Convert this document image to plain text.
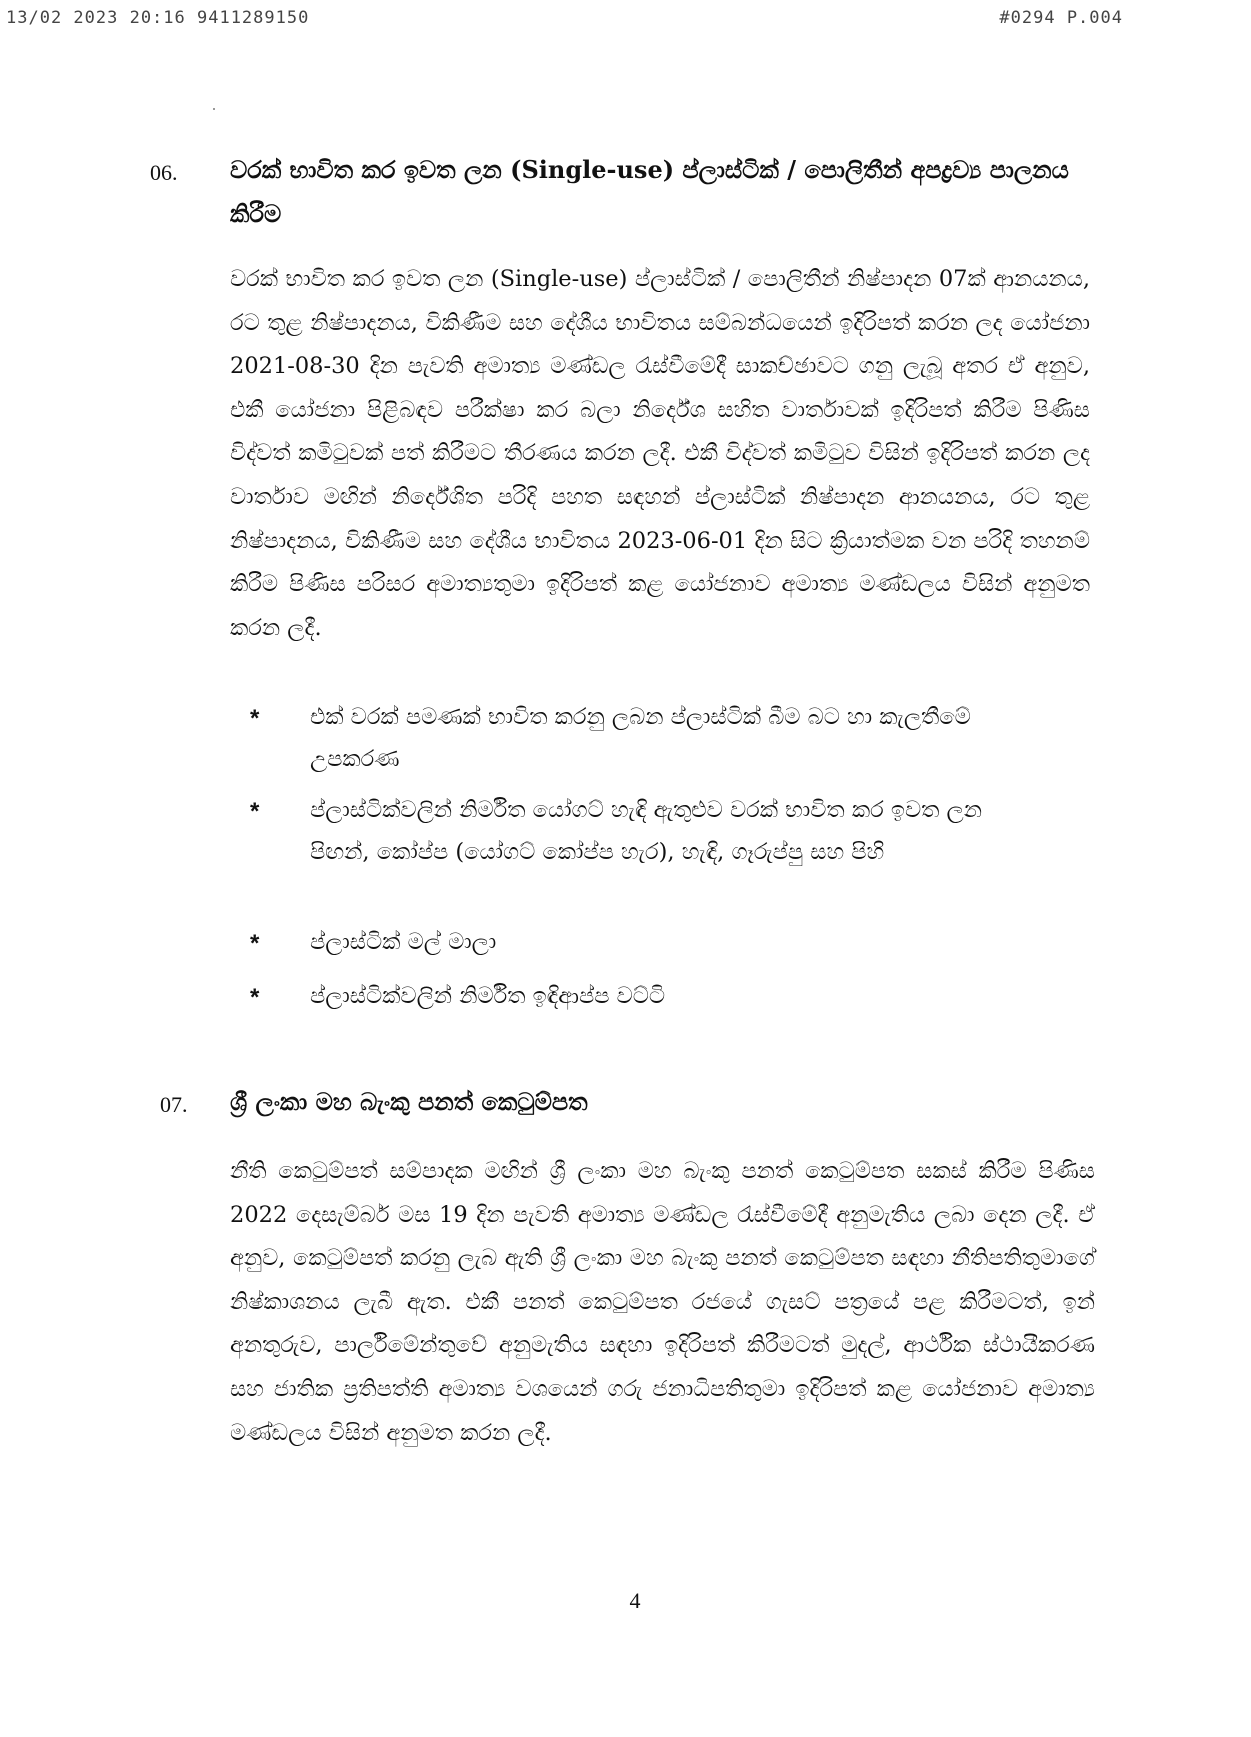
13/02 2023 20:16 9411289150	#0294 P.004
06. වරක් භාවිත කර ඉවත ලන (Single-use) ප්ලාස්ටික් / පොලිතීන් අපද්‍රව්‍ය පාලනය කිරීම
වරක් භාවිත කර ඉවත ලන (Single-use) ප්ලාස්ටික් / පොලිතීන් නිෂ්පාදන 07ක් ආනයනය, රට තුළ නිෂ්පාදනය, විකිණීම සහ දේශීය භාවිතය සම්බන්ධයෙන් ඉදිරිපත් කරන ලද යෝජනා 2021-08-30 දින පැවති අමාත්‍ය මණ්ඩල රැස්වීමේදී සාකච්ඡාවට ගනු ලැබූ අතර ඒ අනුව, එකී යෝජනා පිළිබඳව පරීක්ෂා කර බලා නිර්දේශ සහිත වාර්තාවක් ඉදිරිපත් කිරීම පිණිස විද්වත් කමිටුවක් පත් කිරීමට තීරණය කරන ලදී. එකී විද්වත් කමිටුව විසින් ඉදිරිපත් කරන ලද වාර්තාව මඟින් නිර්දේශිත පරිදි පහත සඳහන් ප්ලාස්ටික් නිෂ්පාදන ආනයනය, රට තුළ නිෂ්පාදනය, විකිණීම සහ දේශීය භාවිතය 2023-06-01 දින සිට ක්‍රියාත්මක වන පරිදි තහනම් කිරීම පිණිස පරිසර අමාත්‍යතුමා ඉදිරිපත් කළ යෝජනාව අමාත්‍ය මණ්ඩලය විසින් අනුමත කරන ලදී.
* එක් වරක් පමණක් භාවිත කරනු ලබන ප්ලාස්ටික් බීම බට හා කැලතීමේ උපකරණ
* ප්ලාස්ටික්වලින් නිර්මිත යෝගට් හැඳි ඇතුළුව වරක් භාවිත කර ඉවත ලන පිඟන්, කෝප්ප (යෝගට් කෝප්ප හැර), හැඳි, ගෑරුප්පු සහ පිහි
* ප්ලාස්ටික් මල් මාලා
* ප්ලාස්ටික්වලින් නිර්මිත ඉඳිආප්ප වට්ටි
07. ශ්‍රී ලංකා මහ බැංකු පනත් කෙටුම්පත
නීති කෙටුම්පත් සම්පාදක මඟින් ශ්‍රී ලංකා මහ බැංකු පනත් කෙටුම්පත සකස් කිරීම පිණිස 2022 දෙසැම්බර් මස 19 දින පැවති අමාත්‍ය මණ්ඩල රැස්වීමේදී අනුමැතිය ලබා දෙන ලදී. ඒ අනුව, කෙටුම්පත් කරනු ලැබ ඇති ශ්‍රී ලංකා මහ බැංකු පනත් කෙටුම්පත සඳහා නීතිපතිතුමාගේ නිෂ්කාශනය ලැබී ඇත. එකී පනත් කෙටුම්පත රජයේ ගැසට් පත්‍රයේ පළ කිරීමටත්, ඉන් අනතුරුව, පාර්ලිමේන්තුවේ අනුමැතිය සඳහා ඉදිරිපත් කිරීමටත් මුදල්, ආර්ථික ස්ථායීකරණ සහ ජාතික ප්‍රතිපත්ති අමාත්‍ය වශයෙන් ගරු ජනාධිපතිතුමා ඉදිරිපත් කළ යෝජනාව අමාත්‍ය මණ්ඩලය විසින් අනුමත කරන ලදී.
4
